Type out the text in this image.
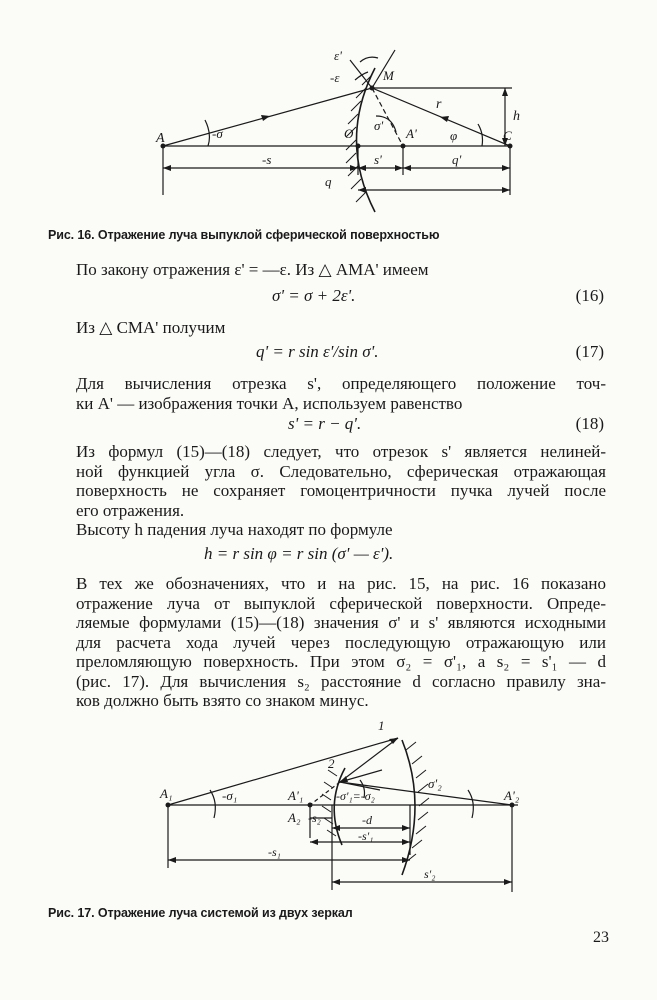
A	O	A'	C
M
ε'
-ε
-σ
σ'
φ
r
h
-s	s'	q'
q
Рис. 16. Отражение луча выпуклой сферической поверхностью
По закону отражения ε' = —ε. Из △ AMA' имеем
σ' = σ + 2ε'.	(16)
Из △ CMA' получим
q' = r sin ε'/sin σ'.	(17)
Для вычисления отрезка s', определяющего положение точ-
ки A' — изображения точки A, используем равенство
s' = r − q'.	(18)
Из формул (15)—(18) следует, что отрезок s' является нелиней-
ной функцией угла σ. Следовательно, сферическая отражающая
поверхность не сохраняет гомоцентричности пучка лучей после
его отражения.
Высоту h падения луча находят по формуле
h = r sin φ = r sin (σ' — ε').
В тех же обозначениях, что и на рис. 15, на рис. 16 показано
отражение луча от выпуклой сферической поверхности. Опреде-
ляемые формулами (15)—(18) значения σ' и s' являются исходными
для расчета хода лучей через последующую отражающую или
преломляющую поверхность. При этом σ₂ = σ'₁, а s₂ = s'₁ — d
(рис. 17). Для вычисления s₂ расстояние d согласно правилу зна-
ков должно быть взято со знаком минус.
A₁	A'₁
A₂
A'₂
1
2
-σ₁	-σ'₁=-σ₂
σ'₂
-s₂	-d
-s'₁
-s₁
s'₂
Рис. 17. Отражение луча системой из двух зеркал
23
